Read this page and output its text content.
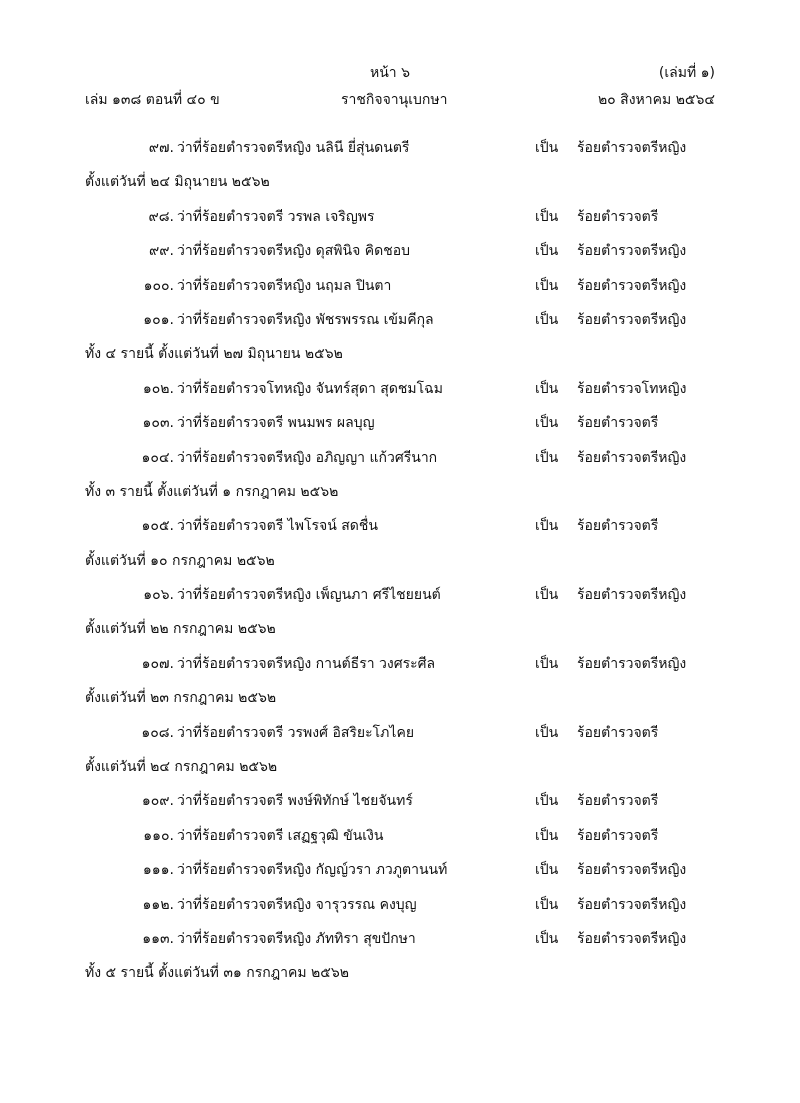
หน้า ๖	(เล่มที่ ๑)
เล่ม ๑๓๘ ตอนที่ ๔๐ ข	ราชกิจจานุเบกษา	๒๐ สิงหาคม ๒๕๖๔
๙๗. ว่าที่ร้อยตำรวจตรีหญิง นลินี ยี่สุ่นดนตรี	เป็น ร้อยตำรวจตรีหญิง
ตั้งแต่วันที่ ๒๔ มิถุนายน ๒๕๖๒
๙๘. ว่าที่ร้อยตำรวจตรี วรพล เจริญพร	เป็น ร้อยตำรวจตรี
๙๙. ว่าที่ร้อยตำรวจตรีหญิง ดุสพินิจ คิดชอบ	เป็น ร้อยตำรวจตรีหญิง
๑๐๐. ว่าที่ร้อยตำรวจตรีหญิง นฤมล ปินตา	เป็น ร้อยตำรวจตรีหญิง
๑๐๑. ว่าที่ร้อยตำรวจตรีหญิง พัชรพรรณ เข้มคีกุล	เป็น ร้อยตำรวจตรีหญิง
ทั้ง ๔ รายนี้ ตั้งแต่วันที่ ๒๗ มิถุนายน ๒๕๖๒
๑๐๒. ว่าที่ร้อยตำรวจโทหญิง จันทร์สุดา สุดชมโฉม	เป็น ร้อยตำรวจโทหญิง
๑๐๓. ว่าที่ร้อยตำรวจตรี พนมพร ผลบุญ	เป็น ร้อยตำรวจตรี
๑๐๔. ว่าที่ร้อยตำรวจตรีหญิง อภิญญา แก้วศรีนาก	เป็น ร้อยตำรวจตรีหญิง
ทั้ง ๓ รายนี้ ตั้งแต่วันที่ ๑ กรกฎาคม ๒๕๖๒
๑๐๕. ว่าที่ร้อยตำรวจตรี ไพโรจน์ สดชื่น	เป็น ร้อยตำรวจตรี
ตั้งแต่วันที่ ๑๐ กรกฎาคม ๒๕๖๒
๑๐๖. ว่าที่ร้อยตำรวจตรีหญิง เพ็ญนภา ศรีไชยยนต์	เป็น ร้อยตำรวจตรีหญิง
ตั้งแต่วันที่ ๒๒ กรกฎาคม ๒๕๖๒
๑๐๗. ว่าที่ร้อยตำรวจตรีหญิง กานต์ธีรา วงศระศีล	เป็น ร้อยตำรวจตรีหญิง
ตั้งแต่วันที่ ๒๓ กรกฎาคม ๒๕๖๒
๑๐๘. ว่าที่ร้อยตำรวจตรี วรพงศ์ อิสริยะโภไคย	เป็น ร้อยตำรวจตรี
ตั้งแต่วันที่ ๒๔ กรกฎาคม ๒๕๖๒
๑๐๙. ว่าที่ร้อยตำรวจตรี พงษ์พิทักษ์ ไชยจันทร์	เป็น ร้อยตำรวจตรี
๑๑๐. ว่าที่ร้อยตำรวจตรี เสฏฐวุฒิ ขันเงิน	เป็น ร้อยตำรวจตรี
๑๑๑. ว่าที่ร้อยตำรวจตรีหญิง กัญญ์วรา ภวภูตานนท์	เป็น ร้อยตำรวจตรีหญิง
๑๑๒. ว่าที่ร้อยตำรวจตรีหญิง จารุวรรณ คงบุญ	เป็น ร้อยตำรวจตรีหญิง
๑๑๓. ว่าที่ร้อยตำรวจตรีหญิง ภัททิรา สุขปักษา	เป็น ร้อยตำรวจตรีหญิง
ทั้ง ๕ รายนี้ ตั้งแต่วันที่ ๓๑ กรกฎาคม ๒๕๖๒
